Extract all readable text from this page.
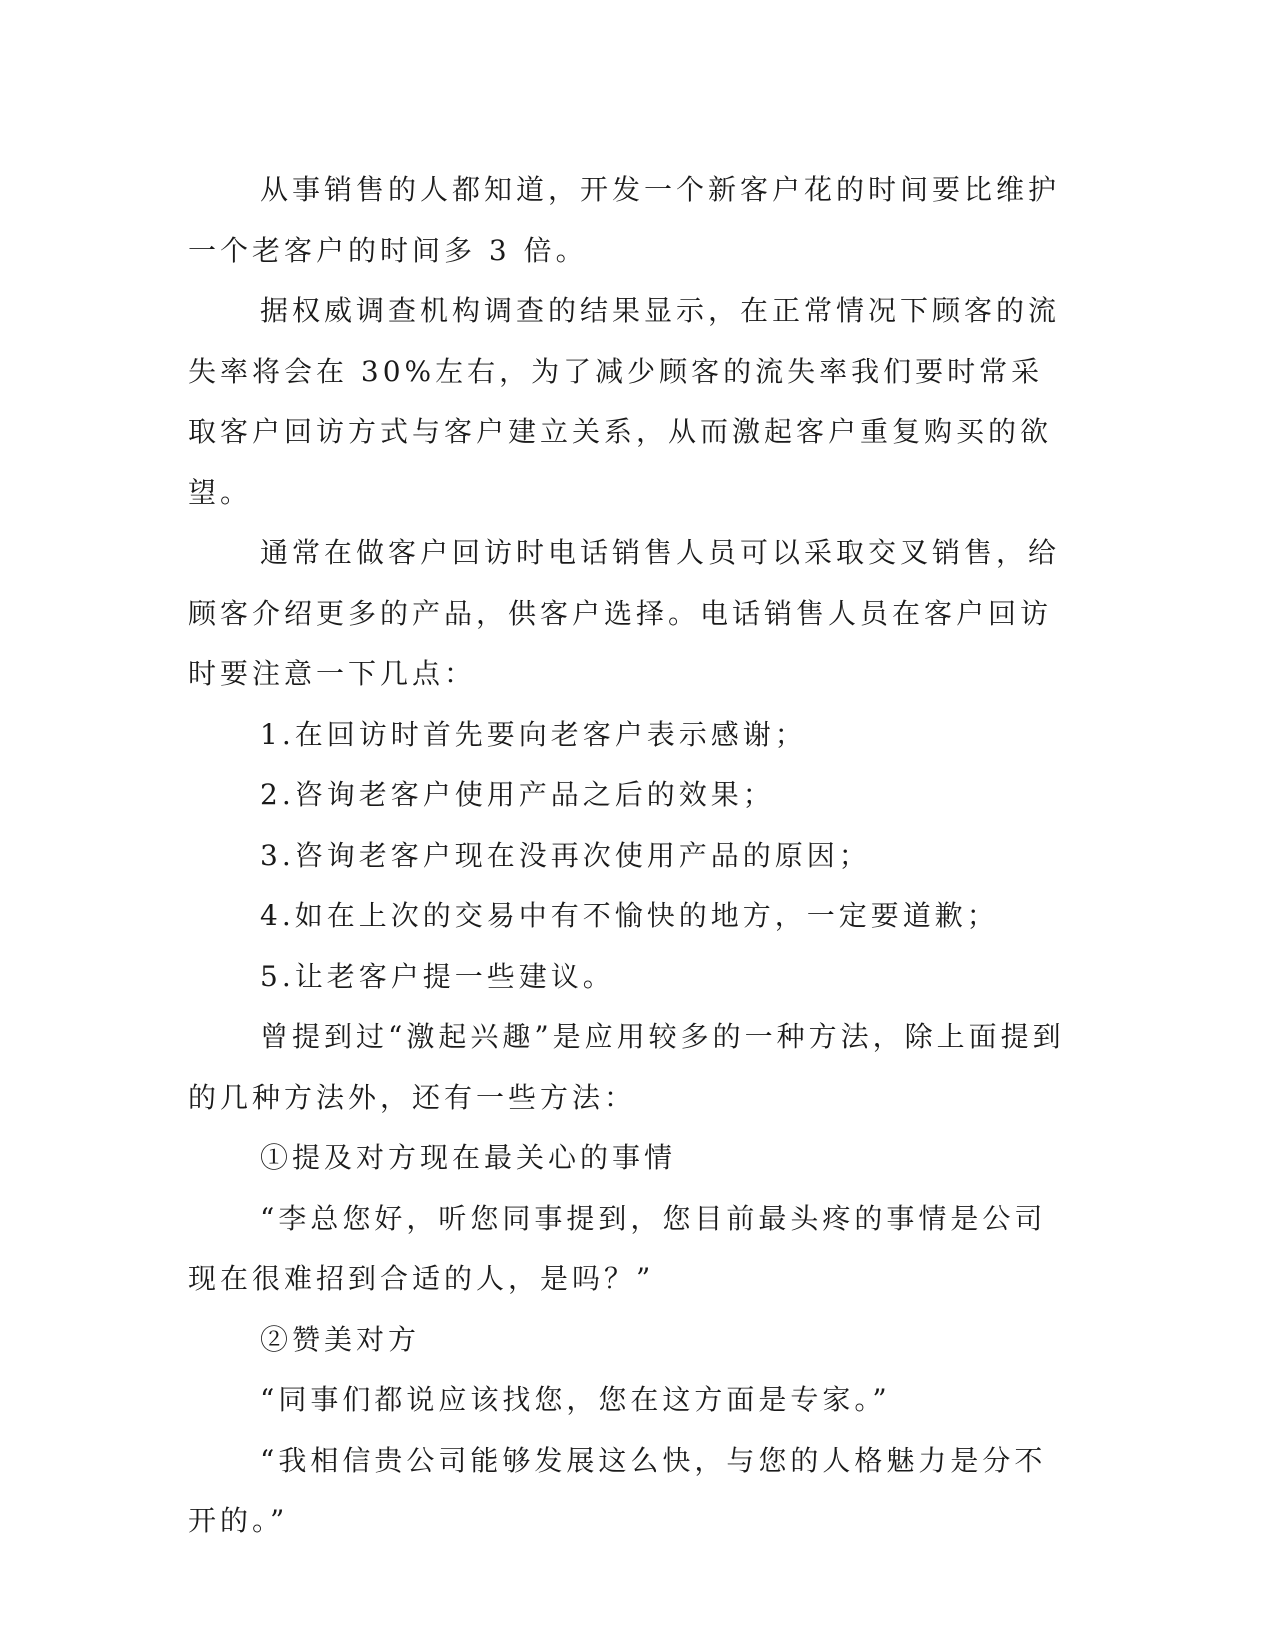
从事销售的人都知道，开发一个新客户花的时间要比维护一个老客户的时间多 3 倍。

据权威调查机构调查的结果显示，在正常情况下顾客的流失率将会在 30%左右，为了减少顾客的流失率我们要时常采取客户回访方式与客户建立关系，从而激起客户重复购买的欲望。

通常在做客户回访时电话销售人员可以采取交叉销售，给顾客介绍更多的产品，供客户选择。电话销售人员在客户回访时要注意一下几点：

1.在回访时首先要向老客户表示感谢；

2.咨询老客户使用产品之后的效果；

3.咨询老客户现在没再次使用产品的原因；

4.如在上次的交易中有不愉快的地方，一定要道歉；

5.让老客户提一些建议。

曾提到过“激起兴趣”是应用较多的一种方法，除上面提到的几种方法外，还有一些方法：

①提及对方现在最关心的事情

“李总您好，听您同事提到，您目前最头疼的事情是公司现在很难招到合适的人，是吗？”

②赞美对方

“同事们都说应该找您，您在这方面是专家。”

“我相信贵公司能够发展这么快，与您的人格魅力是分不开的。”
